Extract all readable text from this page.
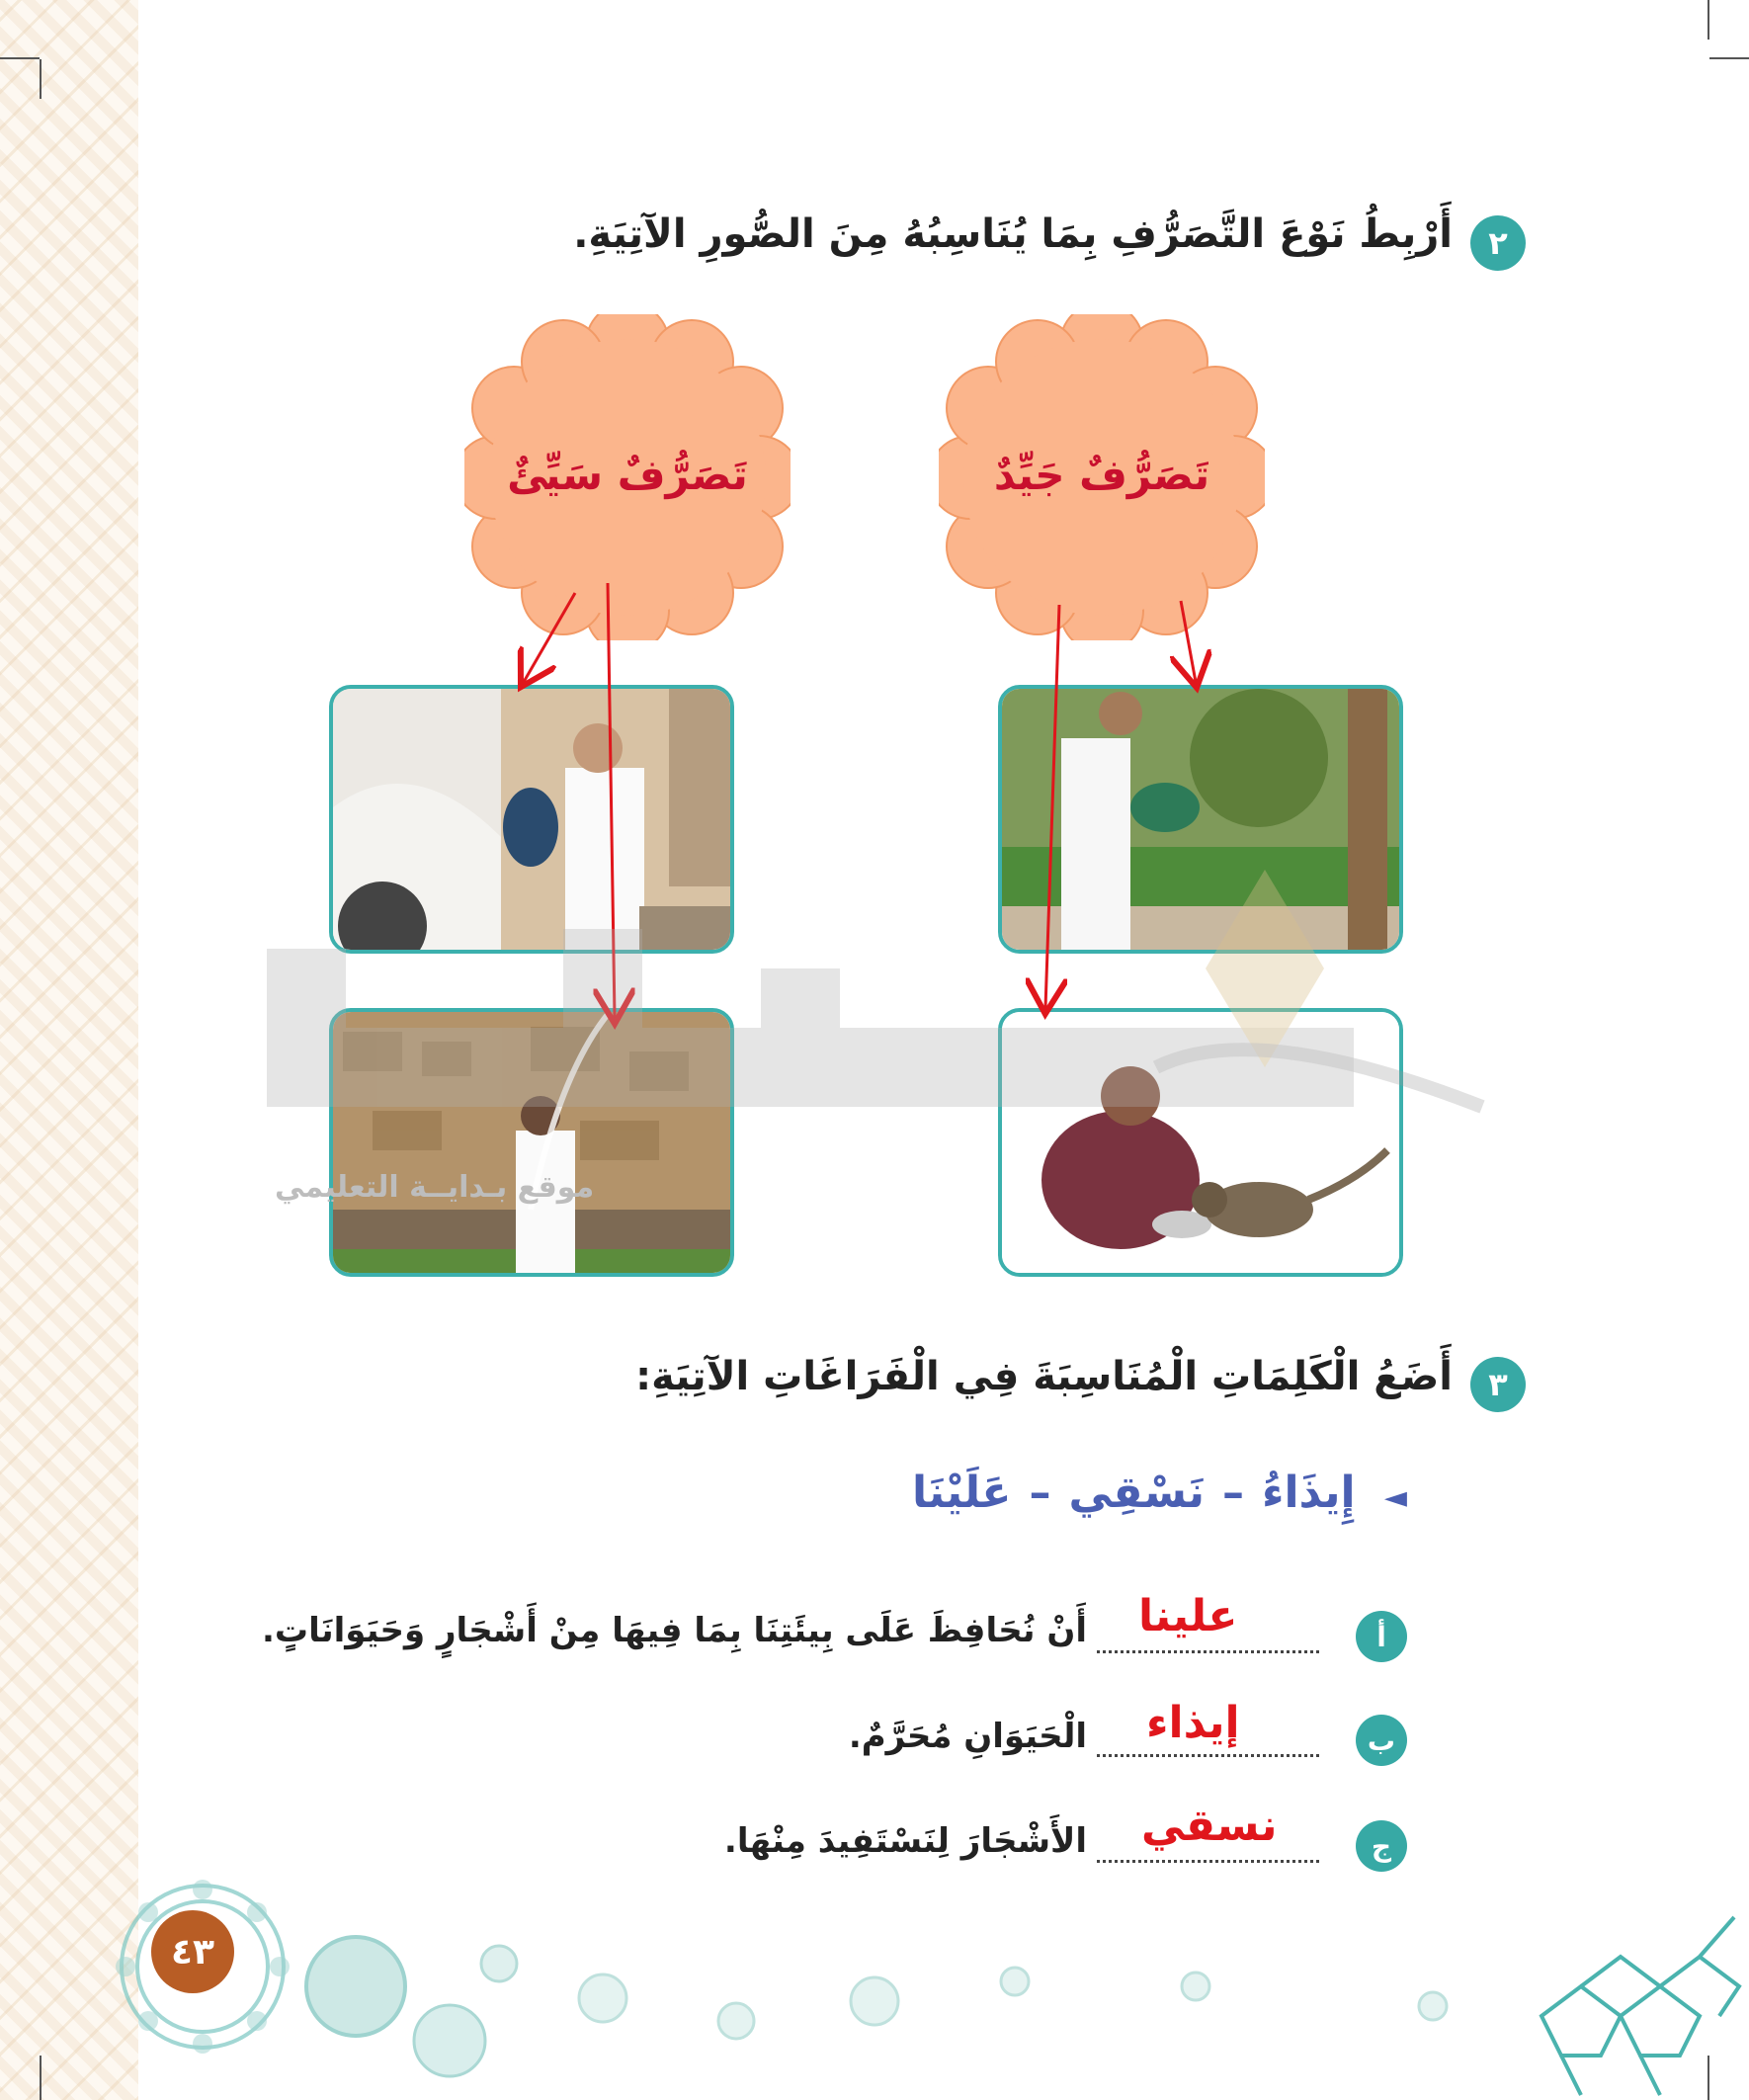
٢
أَرْبِطُ نَوْعَ التَّصَرُّفِ بِمَا يُنَاسِبُهُ مِنَ الصُّورِ الآتِيَةِ.
تَصَرُّفٌ سَيِّئٌ	تَصَرُّفٌ جَيِّدٌ
موقع بـدايــة التعليمي
٣
أَضَعُ الْكَلِمَاتِ الْمُنَاسِبَةَ فِي الْفَرَاغَاتِ الآتِيَةِ:
◄ إِيذَاءُ–نَسْقِي–عَلَيْنَا
أ
علينا
أَنْ نُحَافِظَ عَلَى بِيئَتِنَا بِمَا فِيهَا مِنْ أَشْجَارٍ وَحَيَوَانَاتٍ.
ب
إيذاء
الْحَيَوَانِ مُحَرَّمٌ.
ج
نسقي
الأَشْجَارَ لِنَسْتَفِيدَ مِنْهَا.
٤٣
